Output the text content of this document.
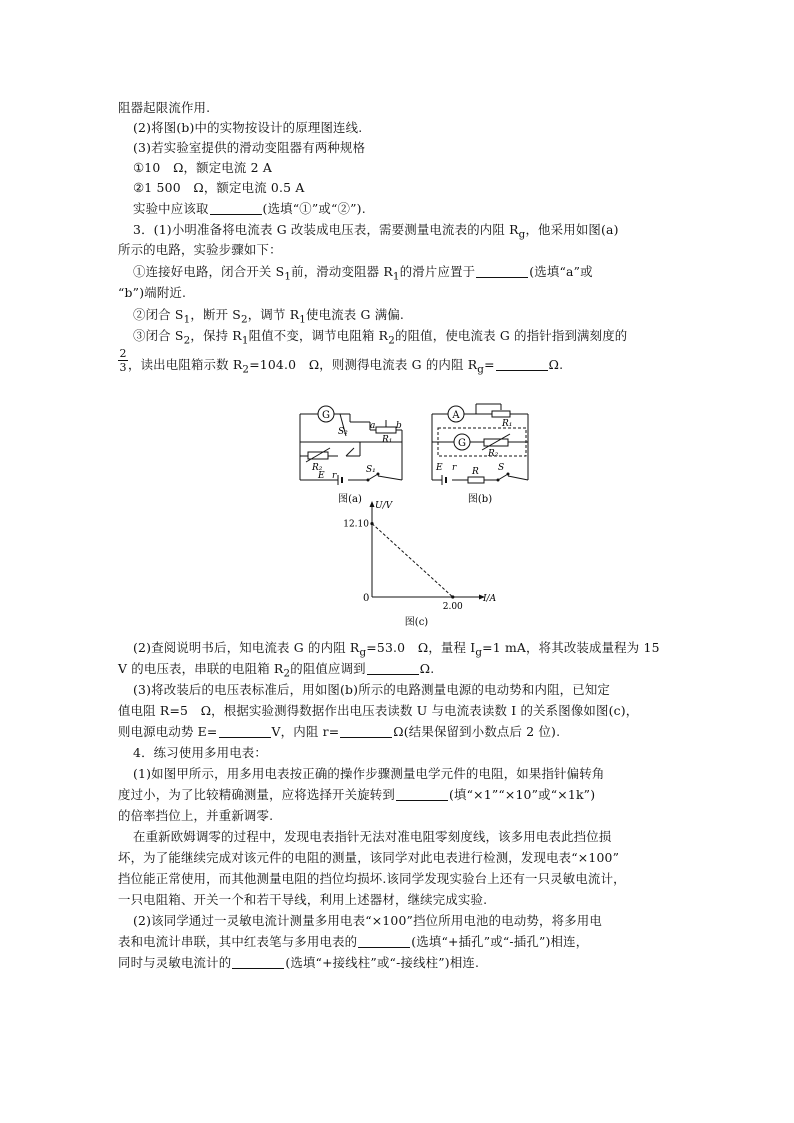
阻器起限流作用.
(2)将图(b)中的实物按设计的原理图连线.
(3)若实验室提供的滑动变阻器有两种规格
①10　Ω，额定电流 2 A
②1 500　Ω，额定电流 0.5 A
实验中应该取	(选填“①”或“②”).
3．(1)小明准备将电流表 G 改装成电压表，需要测量电流表的内阻 $R_g$，他采用如图(a)
所示的电路，实验步骤如下：
①连接好电路，闭合开关 $S_1$前，滑动变阻器 $R_1$的滑片应置于	(选填“a”或
“b”)端附近.
②闭合 $S_1$，断开 $S_2$，调节 $R_1$使电流表 G 满偏.
③闭合 $S_2$，保持 $R_1$阻值不变，调节电阻箱 $R_2$的阻值，使电流表 G 的指针指到满刻度的
2
3 ，读出电阻箱示数 $R_2=104.0$　Ω，则测得电流表 G 的内阻 $R_g=$	Ω.
G
S₂
a b
R₁
R₂
E r
S₁
图(a)
A
G
R₁
R₂
E r R S
图(b)
U/V
I/A
0
12.10
2.00
图(c)
(2)查阅说明书后，知电流表 G 的内阻 $R_g=53.0$　Ω，量程 $I_g=1$ mA，将其改装成量程为 15
V 的电压表，串联的电阻箱 $R_2$的阻值应调到	Ω.
(3)将改装后的电压表标准后，用如图(b)所示的电路测量电源的电动势和内阻，已知定
值电阻 R=5　Ω，根据实验测得数据作出电压表读数 U 与电流表读数 I 的关系图像如图(c)，
则电源电动势 E=	V，内阻 r=	Ω(结果保留到小数点后 2 位).
4．练习使用多用电表：
(1)如图甲所示，用多用电表按正确的操作步骤测量电学元件的电阻，如果指针偏转角
度过小，为了比较精确测量，应将选择开关旋转到	(填“×1”“×10”或“×1k”)
的倍率挡位上，并重新调零.
在重新欧姆调零的过程中，发现电表指针无法对准电阻零刻度线，该多用电表此挡位损
坏，为了能继续完成对该元件的电阻的测量，该同学对此电表进行检测，发现电表“×100”
挡位能正常使用，而其他测量电阻的挡位均损坏.该同学发现实验台上还有一只灵敏电流计，
一只电阻箱、开关一个和若干导线，利用上述器材，继续完成实验.
(2)该同学通过一灵敏电流计测量多用电表“×100”挡位所用电池的电动势，将多用电
表和电流计串联，其中红表笔与多用电表的	(选填“+插孔”或“-插孔”)相连，
同时与灵敏电流计的	(选填“+接线柱”或“-接线柱”)相连.
